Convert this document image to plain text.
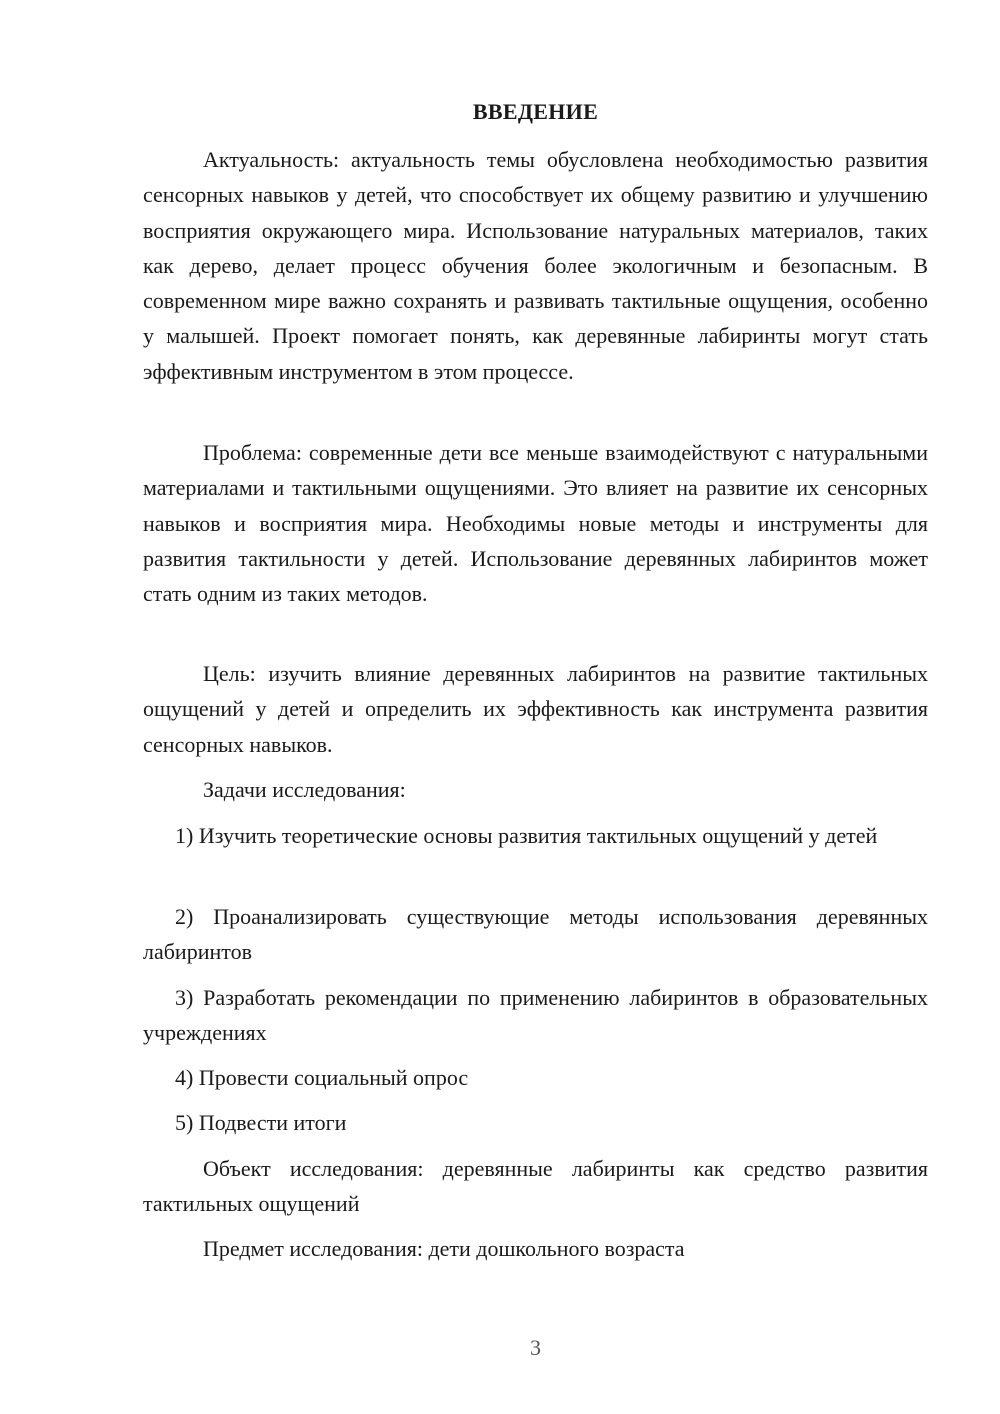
ВВЕДЕНИЕ

Актуальность: актуальность темы обусловлена необходимостью развития сенсорных навыков у детей, что способствует их общему развитию и улучшению восприятия окружающего мира. Использование натуральных материалов, таких как дерево, делает процесс обучения более экологичным и безопасным. В современном мире важно сохранять и развивать тактильные ощущения, особенно у малышей. Проект помогает понять, как деревянные лабиринты могут стать эффективным инструментом в этом процессе.

Проблема: современные дети все меньше взаимодействуют с натуральными материалами и тактильными ощущениями. Это влияет на развитие их сенсорных навыков и восприятия мира. Необходимы новые методы и инструменты для развития тактильности у детей. Использование деревянных лабиринтов может стать одним из таких методов.

Цель: изучить влияние деревянных лабиринтов на развитие тактильных ощущений у детей и определить их эффективность как инструмента развития сенсорных навыков.

Задачи исследования:

1) Изучить теоретические основы развития тактильных ощущений у детей

2) Проанализировать существующие методы использования деревянных лабиринтов

3) Разработать рекомендации по применению лабиринтов в образовательных учреждениях

4) Провести социальный опрос

5) Подвести итоги

Объект исследования: деревянные лабиринты как средство развития тактильных ощущений

Предмет исследования: дети дошкольного возраста

3
